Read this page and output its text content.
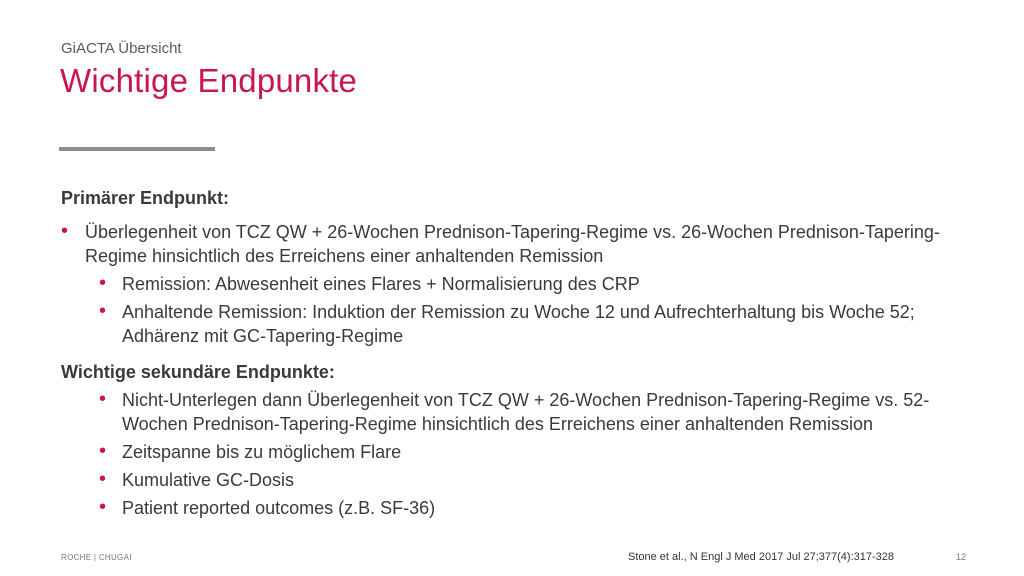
GiACTA Übersicht
Wichtige Endpunkte
Primärer Endpunkt:
• Überlegenheit von TCZ QW + 26-Wochen Prednison-Tapering-Regime vs. 26-Wochen Prednison-Tapering-Regime hinsichtlich des Erreichens einer anhaltenden Remission
• Remission: Abwesenheit eines Flares + Normalisierung des CRP
• Anhaltende Remission: Induktion der Remission zu Woche 12 und Aufrechterhaltung bis Woche 52; Adhärenz mit GC-Tapering-Regime
Wichtige sekundäre Endpunkte:
• Nicht-Unterlegen dann Überlegenheit von TCZ QW + 26-Wochen Prednison-Tapering-Regime vs. 52-Wochen Prednison-Tapering-Regime hinsichtlich des Erreichens einer anhaltenden Remission
• Zeitspanne bis zu möglichem Flare
• Kumulative GC-Dosis
• Patient reported outcomes (z.B. SF-36)
ROCHE | CHUGAI	Stone et al., N Engl J Med 2017 Jul 27;377(4):317-328	12
